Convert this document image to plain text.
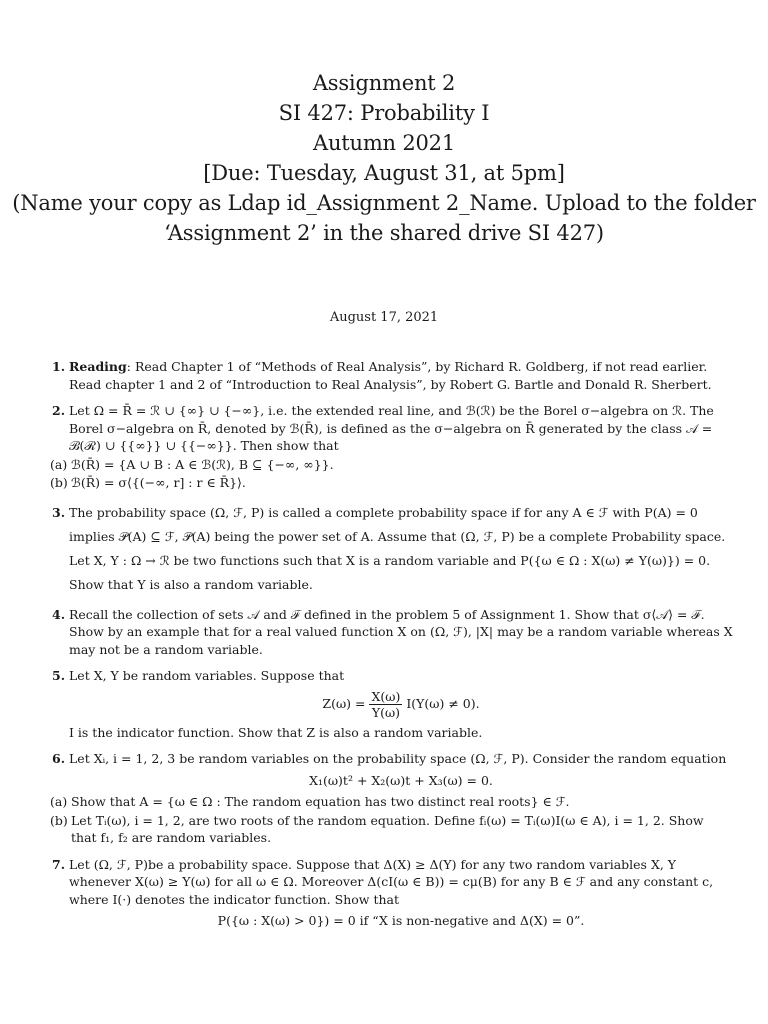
Assignment 2
SI 427: Probability I
Autumn 2021
[Due: Tuesday, August 31, at 5pm]
(Name your copy as Ldap id_Assignment 2_Name. Upload to the folder
‘Assignment 2’ in the shared drive SI 427)
August 17, 2021
1. Reading: Read Chapter 1 of “Methods of Real Analysis”, by Richard R. Goldberg, if not read earlier. Read chapter 1 and 2 of “Introduction to Real Analysis”, by Robert G. Bartle and Donald R. Sherbert.
2. Let Ω = R̄ = ℛ ∪ {∞} ∪ {−∞}, i.e. the extended real line, and ℬ(ℛ) be the Borel σ−algebra on ℛ. The Borel σ−algebra on R̄, denoted by ℬ(R̄), is defined as the σ−algebra on R̄ generated by the class 𝒜 = ℬ(ℛ) ∪ {{∞}} ∪ {{−∞}}. Then show that
(a) ℬ(R̄) = {A ∪ B : A ∈ ℬ(ℛ), B ⊆ {−∞, ∞}}.
(b) ℬ(R̄) = σ⟨{(−∞, r] : r ∈ R̄}⟩.
3. The probability space (Ω, ℱ, P) is called a complete probability space if for any A ∈ ℱ with P(A) = 0 implies 𝒫(A) ⊆ ℱ, 𝒫(A) being the power set of A. Assume that (Ω, ℱ, P) be a complete Probability space. Let X, Y : Ω → ℛ be two functions such that X is a random variable and P({ω ∈ Ω : X(ω) ≠ Y(ω)}) = 0. Show that Y is also a random variable.
4. Recall the collection of sets 𝒜 and ℱ defined in the problem 5 of Assignment 1. Show that σ⟨𝒜⟩ = ℱ. Show by an example that for a real valued function X on (Ω, ℱ), |X| may be a random variable whereas X may not be a random variable.
5. Let X, Y be random variables. Suppose that
$Z(\omega) = \frac{X(\omega)}{Y(\omega)} I(Y(\omega) \ne 0)$.
I is the indicator function. Show that Z is also a random variable.
6. Let Xᵢ, i = 1, 2, 3 be random variables on the probability space (Ω, ℱ, P). Consider the random equation
X₁(ω)t² + X₂(ω)t + X₃(ω) = 0.
(a) Show that A = {ω ∈ Ω : The random equation has two distinct real roots} ∈ ℱ.
(b) Let Tᵢ(ω), i = 1, 2, are two roots of the random equation. Define fᵢ(ω) = Tᵢ(ω)I(ω ∈ A), i = 1, 2. Show that f₁, f₂ are random variables.
7. Let (Ω, ℱ, P)be a probability space. Suppose that Δ(X) ≥ Δ(Y) for any two random variables X, Y whenever X(ω) ≥ Y(ω) for all ω ∈ Ω. Moreover Δ(cI(ω ∈ B)) = cμ(B) for any B ∈ ℱ and any constant c, where I(·) denotes the indicator function. Show that
P({ω : X(ω) > 0}) = 0 if “X is non-negative and Δ(X) = 0”.
